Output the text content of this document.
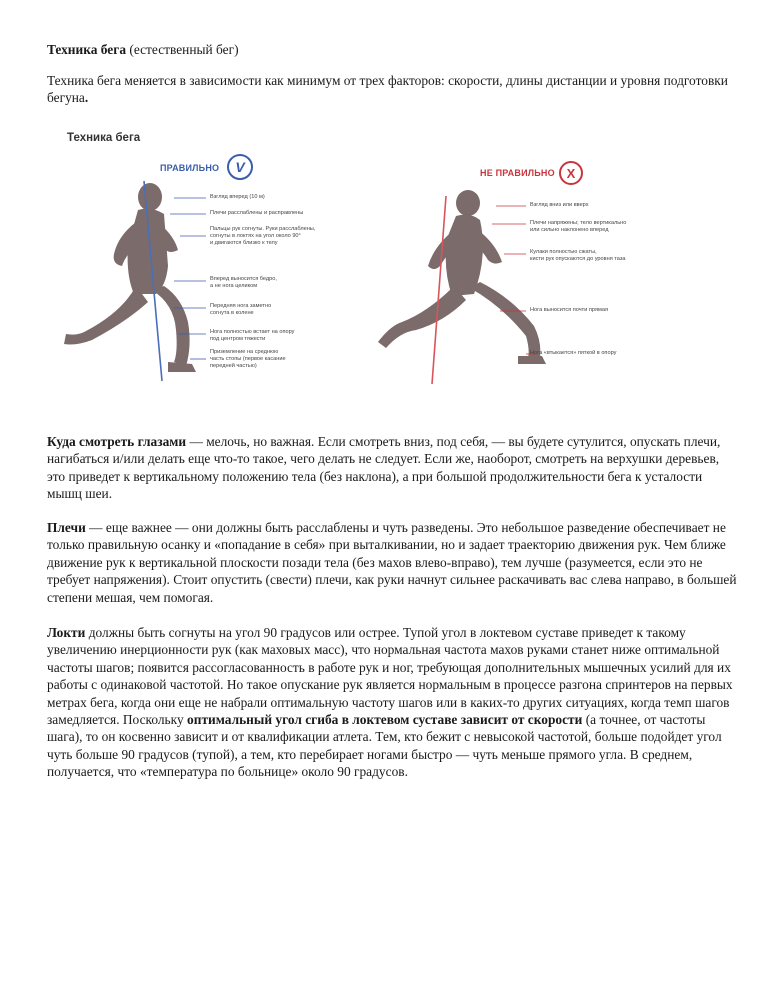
Техника бега (естественный бег)

Техника бега меняется в зависимости как минимум от трех факторов: скорости, длины дистанции и уровня подготовки бегуна.

Техника бега
ПРАВИЛЬНО	НЕ ПРАВИЛЬНО
V	X
Взгляд вперед (10 м)
Плечи расслаблены и расправлены
Пальцы рук согнуты. Руки расслаблены,
согнуты в локтях на угол около 90°
и двигаются близко к телу
Вперед выносится бедро,
а не нога целиком
Передняя нога заметно
согнута в колене
Нога полностью встает на опору
под центром тяжести
Приземление на среднюю
часть стопы (первое касание
передней частью)
Взгляд вниз или вверх
Плечи напряжены; тело вертикально
или сильно наклонено вперед
Кулаки полностью сжаты,
кисти рук опускаются до уровня таза
Нога выносится почти прямая
Нога «втыкается» пяткой в опору

Куда смотреть глазами — мелочь, но важная. Если смотреть вниз, под себя, — вы будете сутулится, опускать плечи, нагибаться и/или делать еще что-то такое, чего делать не следует. Если же, наоборот, смотреть на верхушки деревьев, это приведет к вертикальному положению тела (без наклона), а при большой продолжительности бега к усталости мышц шеи.

Плечи — еще важнее — они должны быть расслаблены и чуть разведены. Это небольшое разведение обеспечивает не только правильную осанку и «попадание в себя» при выталкивании, но и задает траекторию движения рук. Чем ближе движение рук к вертикальной плоскости позади тела (без махов влево-вправо), тем лучше (разумеется, если это не требует напряжения). Стоит опустить (свести) плечи, как руки начнут сильнее раскачивать вас слева направо, в большей степени мешая, чем помогая.

Локти должны быть согнуты на угол 90 градусов или острее. Тупой угол в локтевом суставе приведет к такому увеличению инерционности рук (как маховых масс), что нормальная частота махов руками станет ниже оптимальной частоты шагов; появится рассогласованность в работе рук и ног, требующая дополнительных мышечных усилий для их работы с одинаковой частотой. Но такое опускание рук является нормальным в процессе разгона спринтеров на первых метрах бега, когда они еще не набрали оптимальную частоту шагов или в каких-то других ситуациях, когда темп шагов замедляется. Поскольку оптимальный угол сгиба в локтевом суставе зависит от скорости (а точнее, от частоты шага), то он косвенно зависит и от квалификации атлета. Тем, кто бежит с невысокой частотой, больше подойдет угол чуть больше 90 градусов (тупой), а тем, кто перебирает ногами быстро — чуть меньше прямого угла. В среднем, получается, что «температура по больнице» около 90 градусов.
